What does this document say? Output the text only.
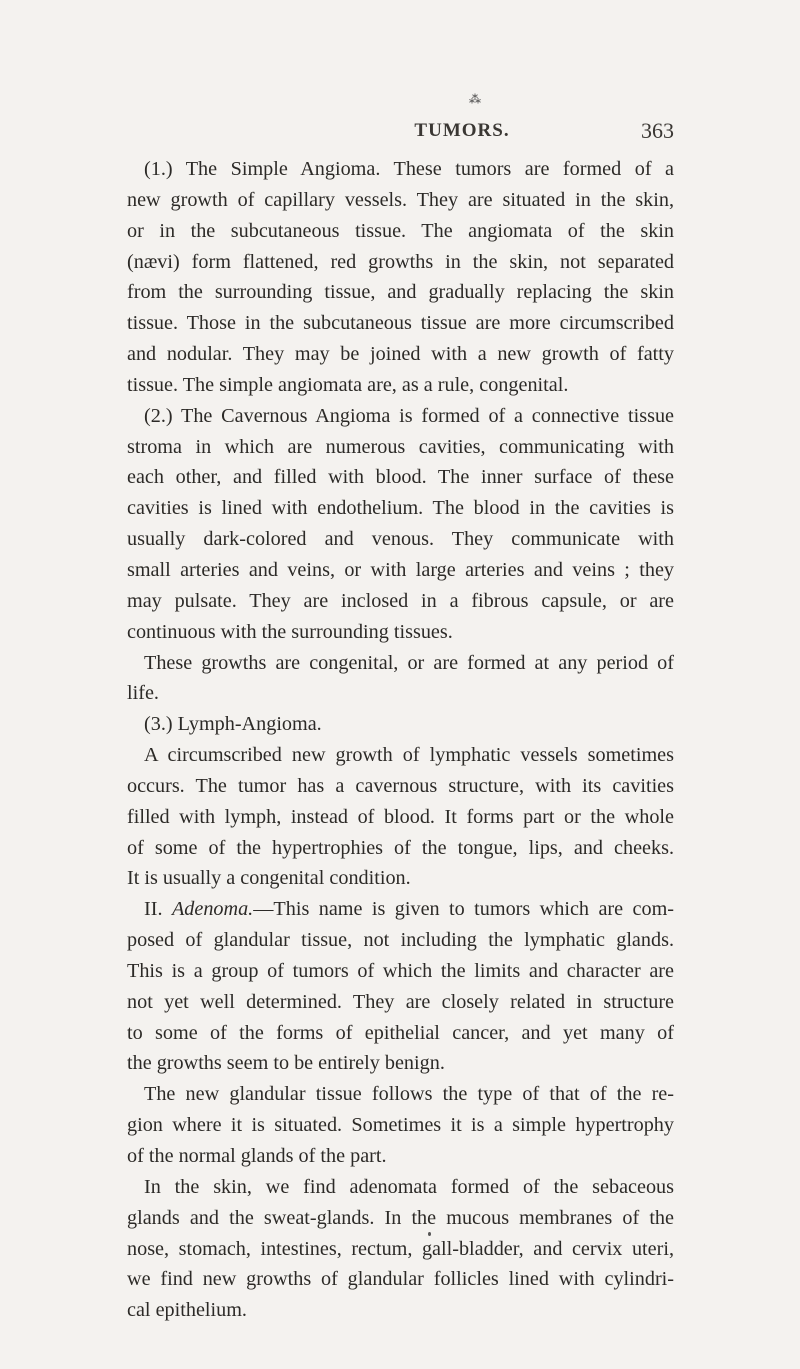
⁂
TUMORS.	363
(1.) The Simple Angioma. These tumors are formed of a
new growth of capillary vessels. They are situated in the skin,
or in the subcutaneous tissue. The angiomata of the skin
(nævi) form flattened, red growths in the skin, not separated
from the surrounding tissue, and gradually replacing the skin
tissue. Those in the subcutaneous tissue are more circumscribed
and nodular. They may be joined with a new growth of fatty
tissue. The simple angiomata are, as a rule, congenital.
(2.) The Cavernous Angioma is formed of a connective tissue
stroma in which are numerous cavities, communicating with
each other, and filled with blood. The inner surface of these
cavities is lined with endothelium. The blood in the cavities is
usually dark-colored and venous. They communicate with
small arteries and veins, or with large arteries and veins ; they
may pulsate. They are inclosed in a fibrous capsule, or are
continuous with the surrounding tissues.
These growths are congenital, or are formed at any period of
life.
(3.) Lymph-Angioma.
A circumscribed new growth of lymphatic vessels sometimes
occurs. The tumor has a cavernous structure, with its cavities
filled with lymph, instead of blood. It forms part or the whole
of some of the hypertrophies of the tongue, lips, and cheeks.
It is usually a congenital condition.
II. Adenoma.—This name is given to tumors which are com-
posed of glandular tissue, not including the lymphatic glands.
This is a group of tumors of which the limits and character are
not yet well determined. They are closely related in structure
to some of the forms of epithelial cancer, and yet many of
the growths seem to be entirely benign.
The new glandular tissue follows the type of that of the re-
gion where it is situated. Sometimes it is a simple hypertrophy
of the normal glands of the part.
In the skin, we find adenomata formed of the sebaceous
glands and the sweat-glands. In the mucous membranes of the
nose, stomach, intestines, rectum, gall-bladder, and cervix uteri,
we find new growths of glandular follicles lined with cylindri-
cal epithelium.
